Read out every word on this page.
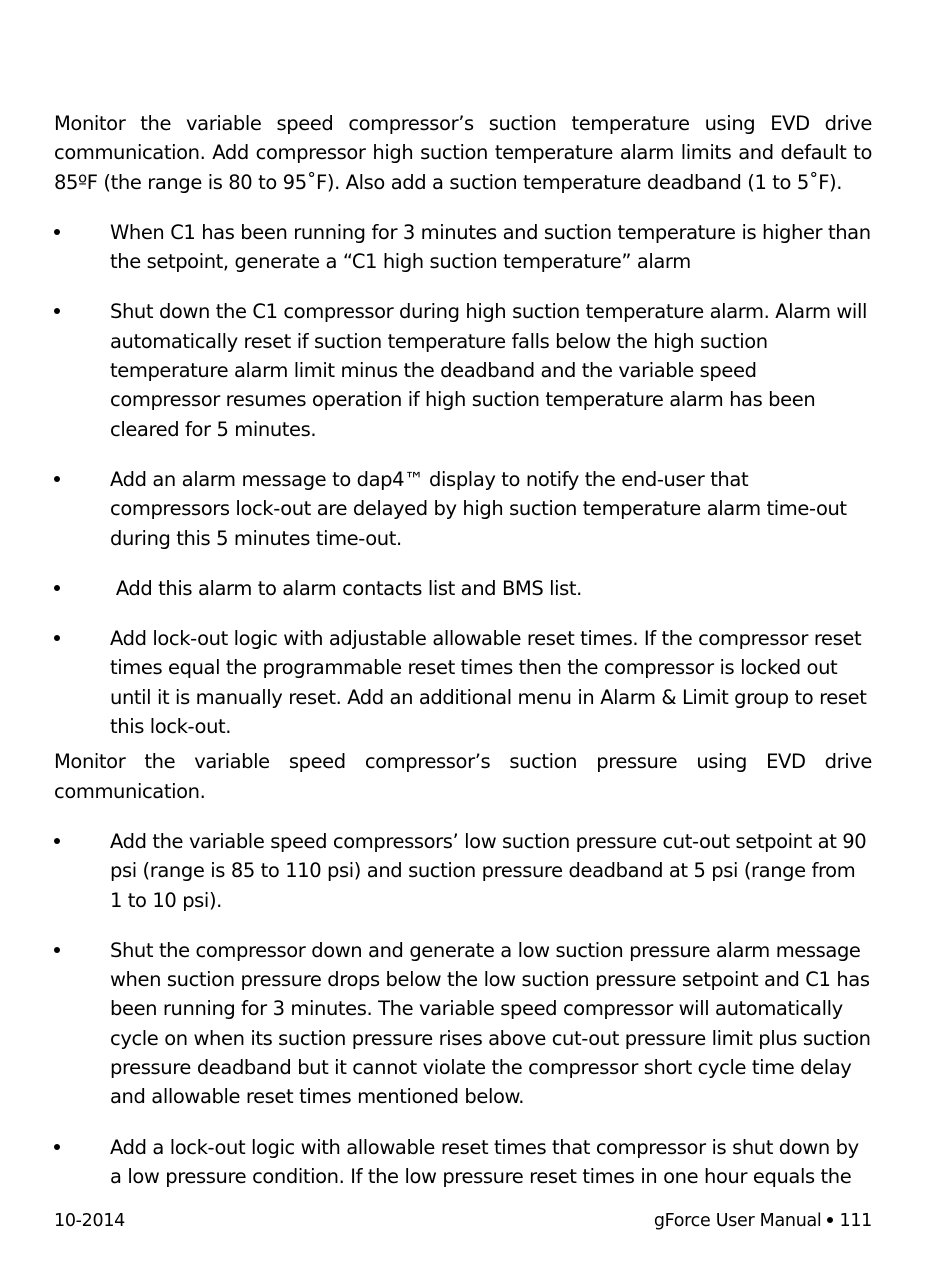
Monitor the variable speed compressor’s suction temperature using EVD drive communication. Add compressor high suction temperature alarm limits and default to 85ºF (the range is 80 to 95˚F). Also add a suction temperature deadband (1 to 5˚F).

When C1 has been running for 3 minutes and suction temperature is higher than the setpoint, generate a “C1 high suction temperature” alarm
Shut down the C1 compressor during high suction temperature alarm. Alarm will automatically reset if suction temperature falls below the high suction temperature alarm limit minus the deadband and the variable speed compressor resumes operation if high suction temperature alarm has been cleared for 5 minutes.
Add an alarm message to dap4™ display to notify the end-user that compressors lock-out are delayed by high suction temperature alarm time-out during this 5 minutes time-out.
Add this alarm to alarm contacts list and BMS list.
Add lock-out logic with adjustable allowable reset times. If the compressor reset times equal the programmable reset times then the compressor is locked out until it is manually reset. Add an additional menu in Alarm & Limit group to reset this lock-out.

Monitor the variable speed compressor’s suction pressure using EVD drive communication.

Add the variable speed compressors’ low suction pressure cut-out setpoint at 90 psi (range is 85 to 110 psi) and suction pressure deadband at 5 psi (range from 1 to 10 psi).
Shut the compressor down and generate a low suction pressure alarm message when suction pressure drops below the low suction pressure setpoint and C1 has been running for 3 minutes. The variable speed compressor will automatically cycle on when its suction pressure rises above cut-out pressure limit plus suction pressure deadband but it cannot violate the compressor short cycle time delay and allowable reset times mentioned below.
Add a lock-out logic with allowable reset times that compressor is shut down by a low pressure condition. If the low pressure reset times in one hour equals the
10-2014	gForce User Manual 111
